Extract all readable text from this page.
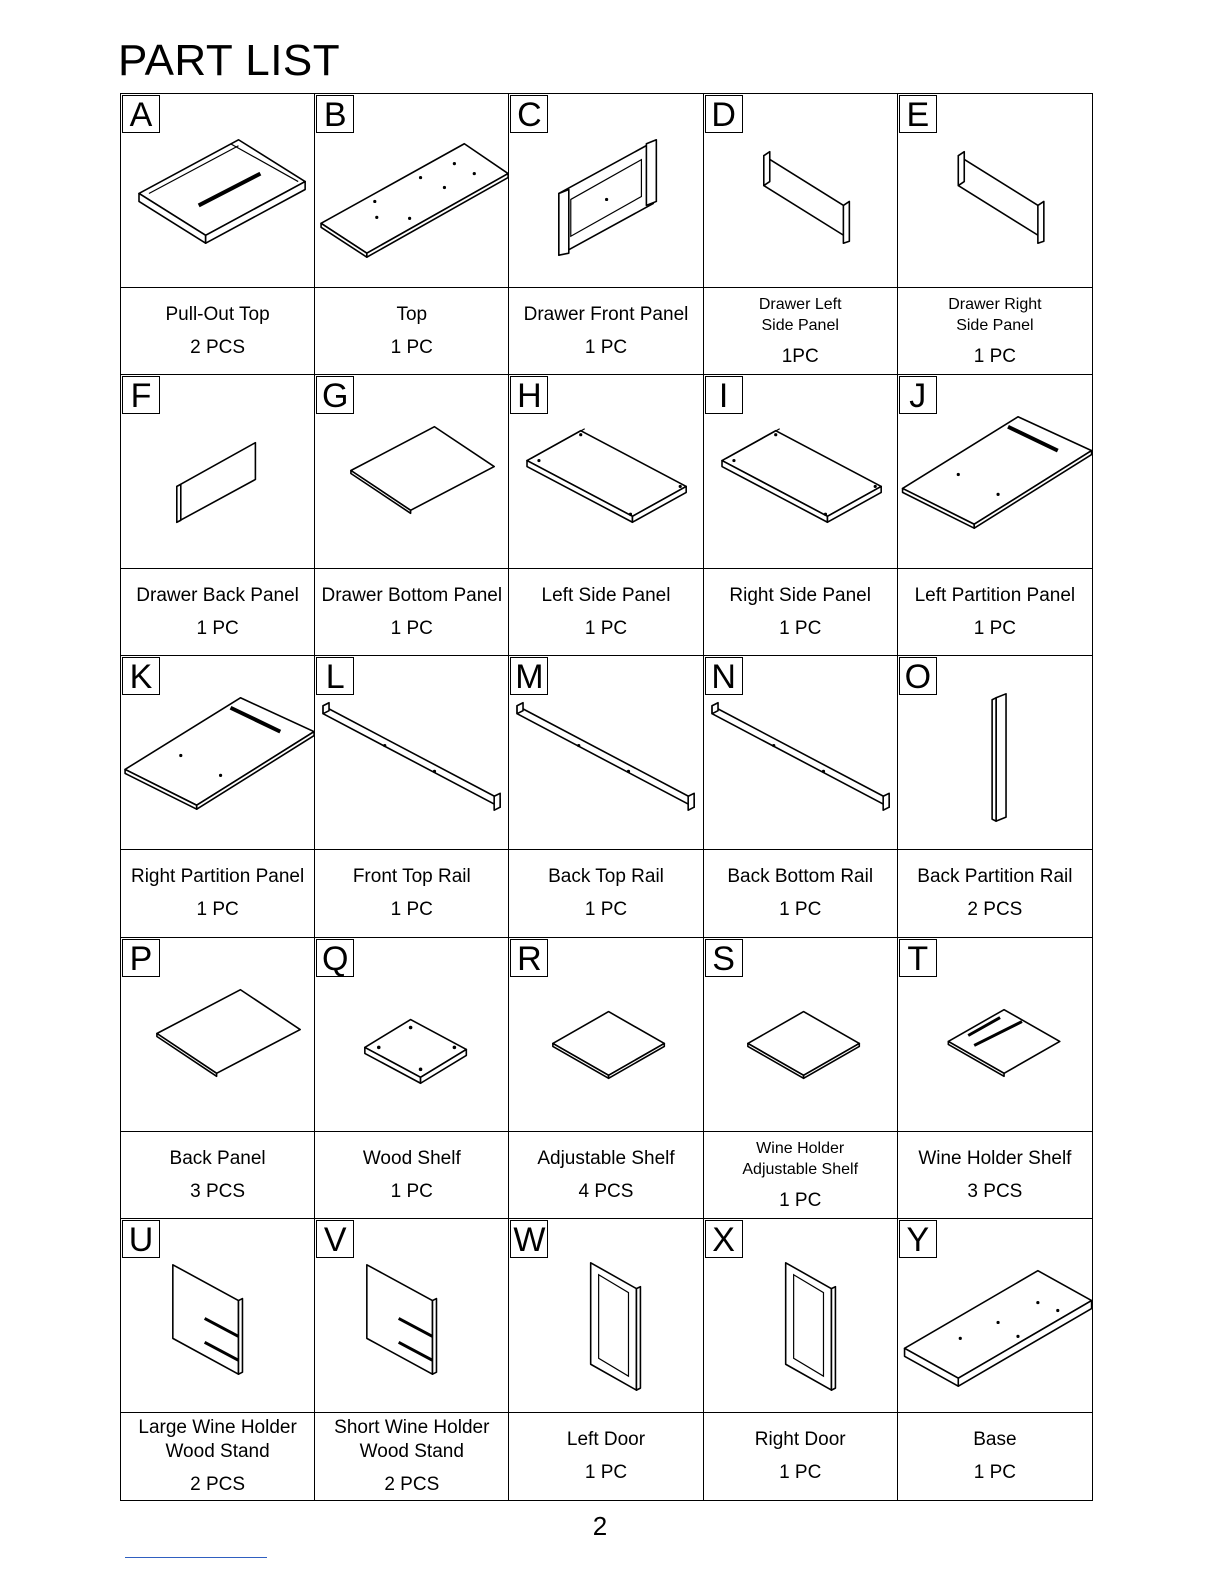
PART LIST
A
Pull-Out Top
2 PCS
B
Top
1 PC
C
Drawer Front Panel
1 PC
D
Drawer Left
Side Panel
1PC
E
Drawer Right
Side Panel
1 PC
F
Drawer Back Panel
1 PC
G
Drawer Bottom Panel
1 PC
H
Left Side Panel
1 PC
I
Right Side Panel
1 PC
J
Left Partition Panel
1 PC
K
Right Partition Panel
1 PC
L
Front Top Rail
1 PC
M
Back Top Rail
1 PC
N
Back Bottom Rail
1 PC
O
Back Partition Rail
2 PCS
P
Back Panel
3 PCS
Q
Wood Shelf
1 PC
R
Adjustable Shelf
4 PCS
S
Wine Holder
Adjustable Shelf
1 PC
T
Wine Holder Shelf
3 PCS
U
Large Wine Holder
Wood Stand
2 PCS
V
Short Wine Holder
Wood Stand
2 PCS
W
Left Door
1 PC
X
Right Door
1 PC
Y
Base
1 PC
2
